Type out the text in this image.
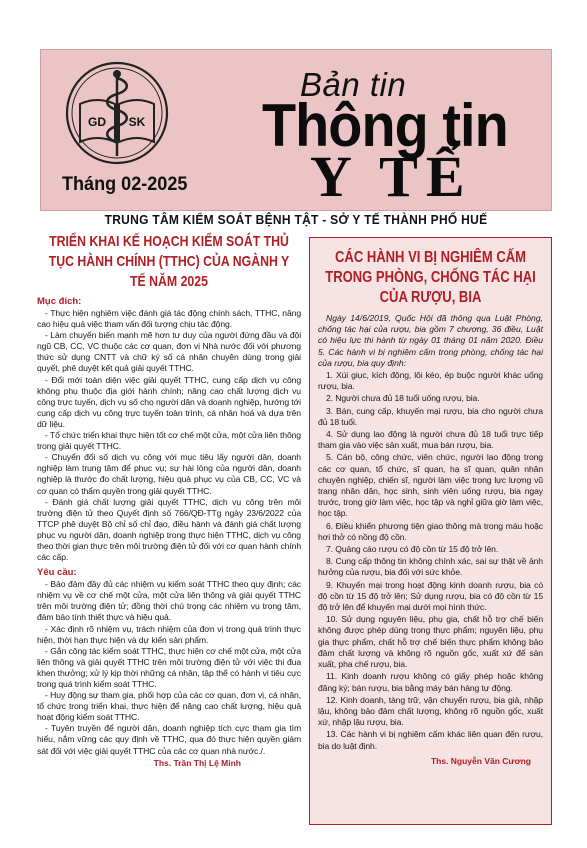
GD SK
Bản tin
Thông tin
Y TẾ
Tháng 02-2025
TRUNG TÂM KIỂM SOÁT BỆNH TẬT - SỞ Y TẾ THÀNH PHỐ HUẾ
TRIỂN KHAI KẾ HOẠCH KIỂM SOÁT THỦ TỤC HÀNH CHÍNH (TTHC) CỦA NGÀNH Y TẾ NĂM 2025
Mục đích:

- Thực hiện nghiêm việc đánh giá tác động chính sách, TTHC, nâng cao hiệu quả việc tham vấn đối tượng chịu tác động.

- Làm chuyển biến mạnh mẽ hơn tư duy của người đứng đầu và đội ngũ CB, CC, VC thuộc các cơ quan, đơn vị Nhà nước đối với phương thức sử dụng CNTT và chữ ký số cá nhân chuyên dùng trong giải quyết, phê duyệt kết quả giải quyết TTHC.

- Đổi mới toàn diện việc giải quyết TTHC, cung cấp dịch vụ công không phụ thuộc địa giới hành chính; nâng cao chất lượng dịch vụ công trực tuyến, dịch vụ số cho người dân và doanh nghiệp, hướng tới cung cấp dịch vụ công trực tuyến toàn trình, cá nhân hoá và dựa trên dữ liệu.

- Tổ chức triển khai thực hiện tốt cơ chế một cửa, một cửa liên thông trong giải quyết TTHC.

- Chuyển đổi số dịch vụ công với mục tiêu lấy người dân, doanh nghiệp làm trung tâm để phục vụ; sự hài lòng của người dân, doanh nghiệp là thước đo chất lượng, hiệu quả phục vụ của CB, CC, VC và cơ quan có thẩm quyền trong giải quyết TTHC.

- Đánh giá chất lượng giải quyết TTHC, dịch vụ công trên môi trường điện tử theo Quyết định số 766/QĐ-TTg ngày 23/6/2022 của TTCP phê duyệt Bộ chỉ số chỉ đạo, điều hành và đánh giá chất lượng phục vụ người dân, doanh nghiệp trong thực hiện TTHC, dịch vụ công theo thời gian thực trên môi trường điện tử đối với cơ quan hành chính các cấp.

Yêu cầu:

- Bảo đảm đầy đủ các nhiệm vụ kiểm soát TTHC theo quy định; các nhiệm vụ về cơ chế một cửa, một cửa liên thông và giải quyết TTHC trên môi trường điện tử; đồng thời chú trọng các nhiệm vụ trọng tâm, đảm bảo tính thiết thực và hiệu quả.

- Xác định rõ nhiệm vụ, trách nhiệm của đơn vị trong quá trình thực hiện, thời hạn thực hiện và dự kiến sản phẩm.

- Gắn công tác kiểm soát TTHC, thực hiện cơ chế một cửa, một cửa liên thông và giải quyết TTHC trên môi trường điện tử với việc thi đua khen thưởng; xử lý kịp thời những cá nhân, tập thể có hành vi tiêu cực trong quá trình kiểm soát TTHC.

- Huy động sự tham gia, phối hợp của các cơ quan, đơn vị, cá nhân, tổ chức trong triển khai, thực hiện để nâng cao chất lượng, hiệu quả hoạt động kiểm soát TTHC.

- Tuyên truyền để người dân, doanh nghiệp tích cực tham gia tìm hiểu, nắm vững các quy định về TTHC, qua đó thực hiện quyền giám sát đối với việc giải quyết TTHC của các cơ quan nhà nước./.

Ths. Trần Thị Lệ Minh
CÁC HÀNH VI BỊ NGHIÊM CẤM TRONG PHÒNG, CHỐNG TÁC HẠI CỦA RƯỢU, BIA
Ngày 14/6/2019, Quốc Hội đã thông qua Luật Phòng, chống tác hại của rượu, bia gồm 7 chương, 36 điều, Luật có hiệu lực thi hành từ ngày 01 tháng 01 năm 2020. Điều 5. Các hành vi bị nghiêm cấm trong phòng, chống tác hại của rượu, bia quy định:

1. Xúi giục, kích động, lôi kéo, ép buộc người khác uống rượu, bia.

2. Người chưa đủ 18 tuổi uống rượu, bia.

3. Bán, cung cấp, khuyến mại rượu, bia cho người chưa đủ 18 tuổi.

4. Sử dụng lao động là người chưa đủ 18 tuổi trực tiếp tham gia vào việc sản xuất, mua bán rượu, bia.

5. Cán bộ, công chức, viên chức, người lao động trong các cơ quan, tổ chức, sĩ quan, hạ sĩ quan, quân nhân chuyên nghiệp, chiến sĩ, người làm việc trong lực lượng vũ trang nhân dân, học sinh, sinh viên uống rượu, bia ngay trước, trong giờ làm việc, học tập và nghỉ giữa giờ làm việc, học tập.

6. Điều khiển phương tiện giao thông mà trong máu hoặc hơi thở có nồng độ cồn.

7. Quảng cáo rượu có độ cồn từ 15 độ trở lên.

8. Cung cấp thông tin không chính xác, sai sự thật về ảnh hưởng của rượu, bia đối với sức khỏe.

9. Khuyến mại trong hoạt động kinh doanh rượu, bia có độ cồn từ 15 độ trở lên; Sử dụng rượu, bia có độ cồn từ 15 độ trở lên để khuyến mại dưới mọi hình thức.

10. Sử dụng nguyên liệu, phụ gia, chất hỗ trợ chế biến không được phép dùng trong thực phẩm; nguyên liệu, phụ gia thực phẩm, chất hỗ trợ chế biến thực phẩm không bảo đảm chất lượng và không rõ nguồn gốc, xuất xứ để sản xuất, pha chế rượu, bia.

11. Kinh doanh rượu không có giấy phép hoặc không đăng ký; bán rượu, bia bằng máy bán hàng tự động.

12. Kinh doanh, tàng trữ, vận chuyển rượu, bia giả, nhập lậu, không bảo đảm chất lượng, không rõ nguồn gốc, xuất xứ, nhập lậu rượu, bia.

13. Các hành vi bị nghiêm cấm khác liên quan đến rượu, bia do luật định.

Ths. Nguyễn Văn Cương
